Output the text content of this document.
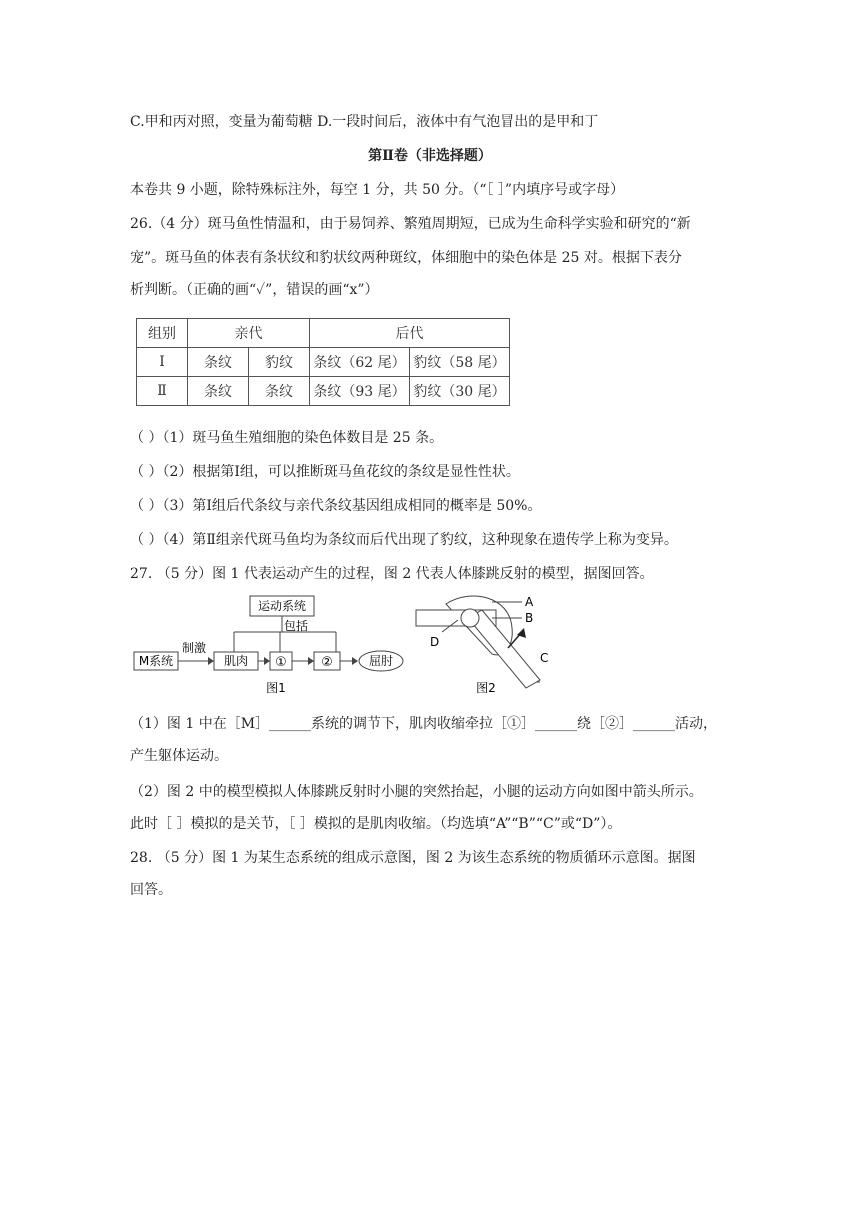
C.甲和丙对照，变量为葡萄糖 D.一段时间后，液体中有气泡冒出的是甲和丁
第Ⅱ卷（非选择题）
本卷共 9 小题，除特殊标注外，每空 1 分，共 50 分。（“［ ］”内填序号或字母）
26.（4 分）斑马鱼性情温和，由于易饲养、繁殖周期短，已成为生命科学实验和研究的“新
宠”。斑马鱼的体表有条状纹和豹状纹两种斑纹，体细胞中的染色体是 25 对。根据下表分
析判断。（正确的画“✓”，错误的画“x”）
组别	亲代		后代	
Ⅰ	条纹	豹纹	条纹（62 尾）	豹纹（58 尾）
Ⅱ	条纹	条纹	条纹（93 尾）	豹纹（30 尾）
（ ）（1）斑马鱼生殖细胞的染色体数目是 25 条。
（ ）（2）根据第Ⅰ组，可以推断斑马鱼花纹的条纹是显性性状。
（ ）（3）第Ⅰ组后代条纹与亲代条纹基因组成相同的概率是 50%。
（ ）（4）第Ⅱ组亲代斑马鱼均为条纹而后代出现了豹纹，这种现象在遗传学上称为变异。
27. （5 分）图 1 代表运动产生的过程，图 2 代表人体膝跳反射的模型，据图回答。
运动系统
包括
M系统
制激
肌肉 ①	②	屈肘
图1
A
B
D
C
图2
（1）图 1 中在［M］______系统的调节下，肌肉收缩牵拉［①］______绕［②］______活动，
产生躯体运动。
（2）图 2 中的模型模拟人体膝跳反射时小腿的突然抬起，小腿的运动方向如图中箭头所示。
此时［ ］模拟的是关节，［ ］模拟的是肌肉收缩。（均选填“A”“B”“C”或“D”）。
28. （5 分）图 1 为某生态系统的组成示意图，图 2 为该生态系统的物质循环示意图。据图
回答。
